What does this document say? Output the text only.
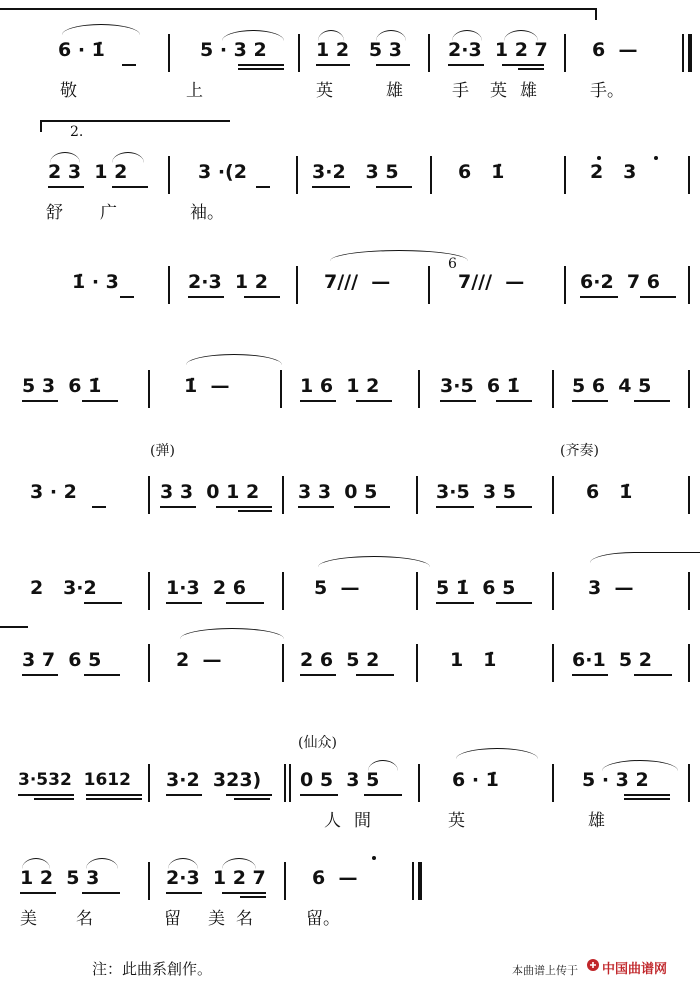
6 · 1̇	5 · 3 2	1 2   5 3 2·3  1 2 7 6  —
敬	上	英	雄	手 英 雄	手。
2.
2 3  1 2	3 ·(2	3·2   3 5	6   1̇	2   3
舒 广	袖。
1̇ · 3	2·3  1 2	7///  —
6
7///  —	6·2  7 6
5 3  6 1̇	1̇  —	1 6  1 2	3·5  6 1̇	5 6  4 5
(弹)	(齐奏)
3 · 2	3 3  0 1 2 3 3  0 5	3·5  3 5	6   1̇
2   3·2	1·3  2 6	5  —	5 1̇  6 5	3  —
3 7  6 5	2  —	2 6  5 2	1   1̇	6·1  5 2
(仙众)
3·532  1612 3·2  323) 0 5  3 5	6 · 1̇	5 · 3 2
人 間	英	雄
1 2  5 3	2·3  1 2 7 6  —
美 名	留 美 名	留。
注：此曲系創作。	本曲谱上传于 中国曲谱网
